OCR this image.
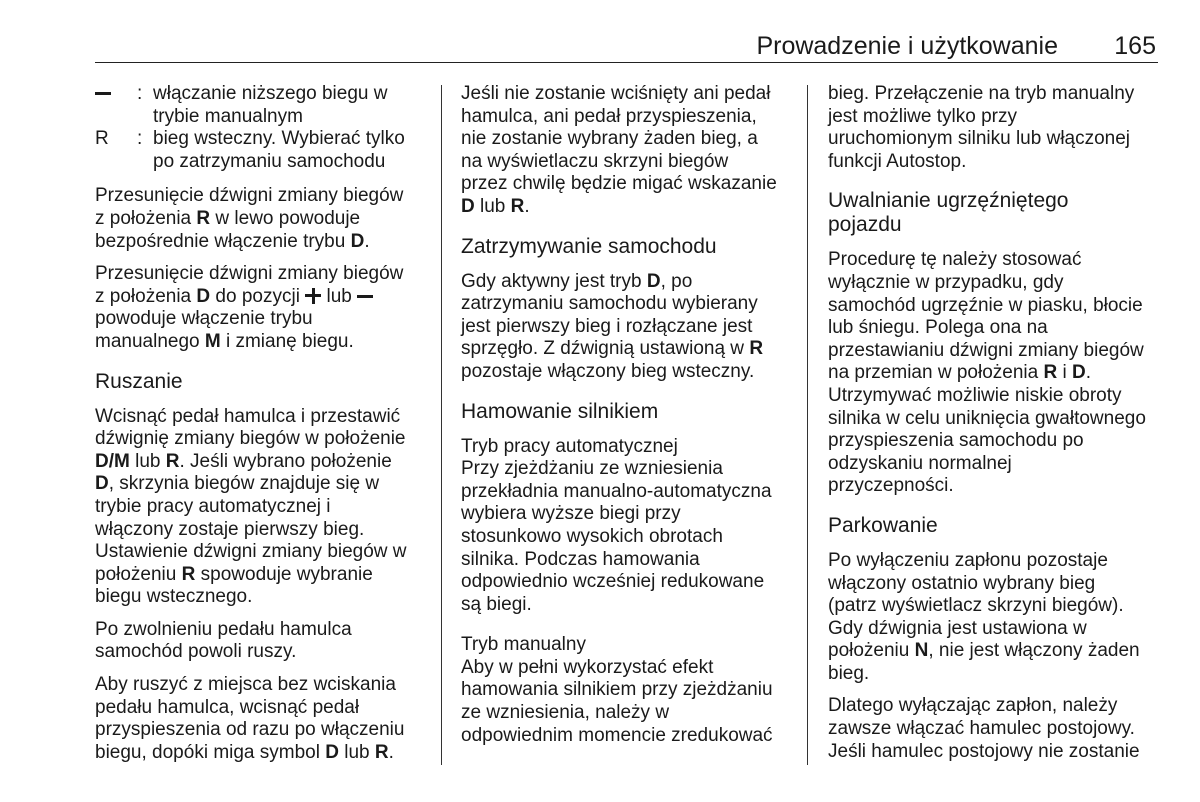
Prowadzenie i użytkowanie 165
: włączanie niższego biegu w
trybie manualnym
R	: bieg wsteczny. Wybierać tylko
po zatrzymaniu samochodu

Przesunięcie dźwigni zmiany biegów
z położenia R w lewo powoduje
bezpośrednie włączenie trybu D.

Przesunięcie dźwigni zmiany biegów
z położenia D do pozycji lub
powoduje włączenie trybu
manualnego M i zmianę biegu.

Ruszanie

Wcisnąć pedał hamulca i przestawić
dźwignię zmiany biegów w położenie
D/M lub R. Jeśli wybrano położenie
D, skrzynia biegów znajduje się w
trybie pracy automatycznej i
włączony zostaje pierwszy bieg.
Ustawienie dźwigni zmiany biegów w
położeniu R spowoduje wybranie
biegu wstecznego.

Po zwolnieniu pedału hamulca
samochód powoli ruszy.

Aby ruszyć z miejsca bez wciskania
pedału hamulca, wcisnąć pedał
przyspieszenia od razu po włączeniu
biegu, dopóki miga symbol D lub R.

Jeśli nie zostanie wciśnięty ani pedał
hamulca, ani pedał przyspieszenia,
nie zostanie wybrany żaden bieg, a
na wyświetlaczu skrzyni biegów
przez chwilę będzie migać wskazanie
D lub R.

Zatrzymywanie samochodu

Gdy aktywny jest tryb D, po
zatrzymaniu samochodu wybierany
jest pierwszy bieg i rozłączane jest
sprzęgło. Z dźwignią ustawioną w R
pozostaje włączony bieg wsteczny.

Hamowanie silnikiem
Tryb pracy automatycznej

Przy zjeżdżaniu ze wzniesienia
przekładnia manualno-automatyczna
wybiera wyższe biegi przy
stosunkowo wysokich obrotach
silnika. Podczas hamowania
odpowiednio wcześniej redukowane
są biegi.

Tryb manualny

Aby w pełni wykorzystać efekt
hamowania silnikiem przy zjeżdżaniu
ze wzniesienia, należy w
odpowiednim momencie zredukować

bieg. Przełączenie na tryb manualny
jest możliwe tylko przy
uruchomionym silniku lub włączonej
funkcji Autostop.

Uwalnianie ugrzęźniętego
pojazdu

Procedurę tę należy stosować
wyłącznie w przypadku, gdy
samochód ugrzęźnie w piasku, błocie
lub śniegu. Polega ona na
przestawianiu dźwigni zmiany biegów
na przemian w położenia R i D.
Utrzymywać możliwie niskie obroty
silnika w celu uniknięcia gwałtownego
przyspieszenia samochodu po
odzyskaniu normalnej
przyczepności.

Parkowanie

Po wyłączeniu zapłonu pozostaje
włączony ostatnio wybrany bieg
(patrz wyświetlacz skrzyni biegów).
Gdy dźwignia jest ustawiona w
położeniu N, nie jest włączony żaden
bieg.

Dlatego wyłączając zapłon, należy
zawsze włączać hamulec postojowy.
Jeśli hamulec postojowy nie zostanie
